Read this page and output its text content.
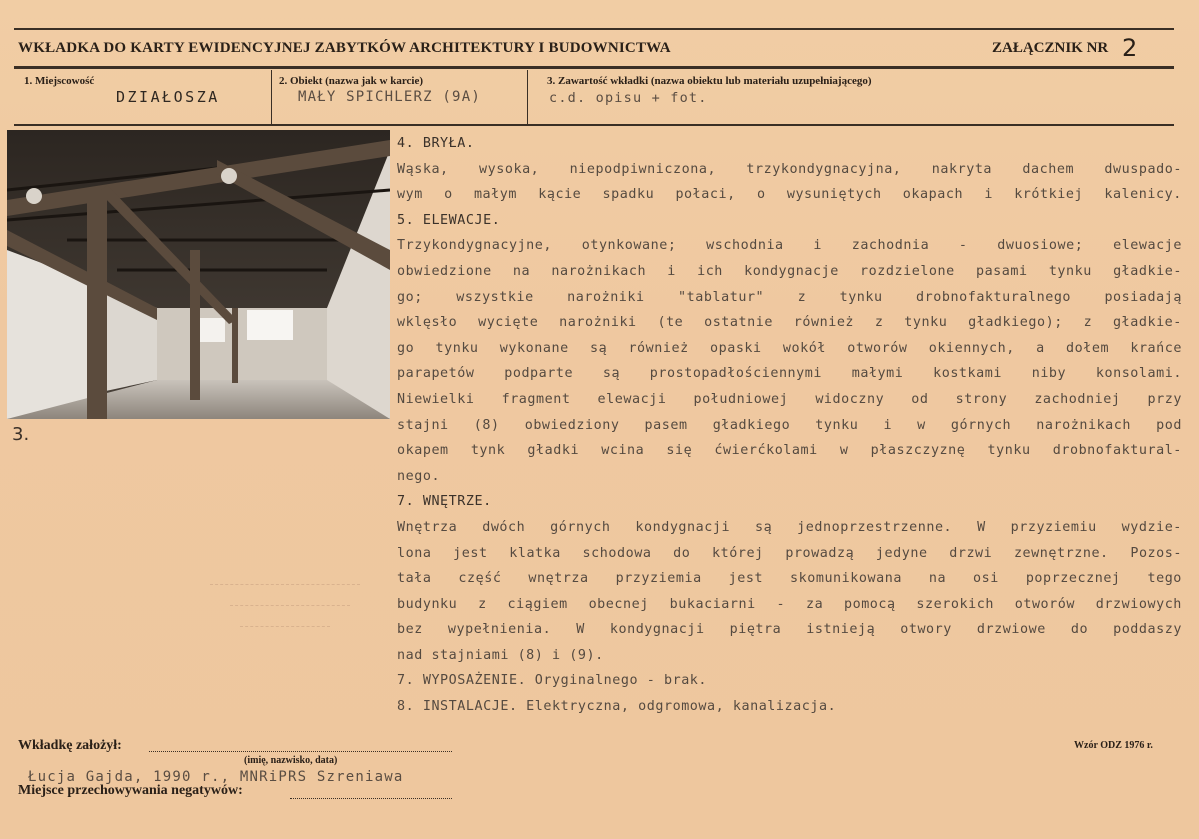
WKŁADKA DO KARTY EWIDENCYJNEJ ZABYTKÓW ARCHITEKTURY I BUDOWNICTWA	ZAŁĄCZNIK NR 2
1. Miejscowość
DZIAŁOSZA
2. Obiekt (nazwa jak w karcie)
MAŁY SPICHLERZ (9A)
3. Zawartość wkładki (nazwa obiektu lub materiału uzupełniającego)
c.d. opisu + fot.
3.
4. BRYŁA.
Wąska, wysoka, niepodpiwniczona, trzykondygnacyjna, nakryta dachem dwuspado-
wym o małym kącie spadku połaci, o wysuniętych okapach i krótkiej kalenicy.
5. ELEWACJE.
Trzykondygnacyjne, otynkowane; wschodnia i zachodnia - dwuosiowe; elewacje
obwiedzione na narożnikach i ich kondygnacje rozdzielone pasami tynku gładkie-
go; wszystkie narożniki "tablatur" z tynku drobnofakturalnego posiadają
wklęsło wycięte narożniki (te ostatnie również z tynku gładkiego); z gładkie-
go tynku wykonane są również opaski wokół otworów okiennych, a dołem krańce
parapetów podparte są prostopadłościennymi małymi kostkami niby konsolami.
Niewielki fragment elewacji południowej widoczny od strony zachodniej przy
stajni (8) obwiedziony pasem gładkiego tynku i w górnych narożnikach pod
okapem tynk gładki wcina się ćwierćkolami w płaszczyznę tynku drobnofaktural-
nego.
7. WNĘTRZE.
Wnętrza dwóch górnych kondygnacji są jednoprzestrzenne. W przyziemiu wydzie-
lona jest klatka schodowa do której prowadzą jedyne drzwi zewnętrzne. Pozos-
tała część wnętrza przyziemia jest skomunikowana na osi poprzecznej tego
budynku z ciągiem obecnej bukaciarni - za pomocą szerokich otworów drzwiowych
bez wypełnienia. W kondygnacji piętra istnieją otwory drzwiowe do poddaszy
nad stajniami (8) i (9).
7. WYPOSAŻENIE. Oryginalnego - brak.
8. INSTALACJE. Elektryczna, odgromowa, kanalizacja.
Wkładkę założył:
(imię, nazwisko, data)
Łucja Gajda, 1990 r., MNRiPRS Szreniawa
Miejsce przechowywania negatywów:
Wzór ODZ 1976 r.
